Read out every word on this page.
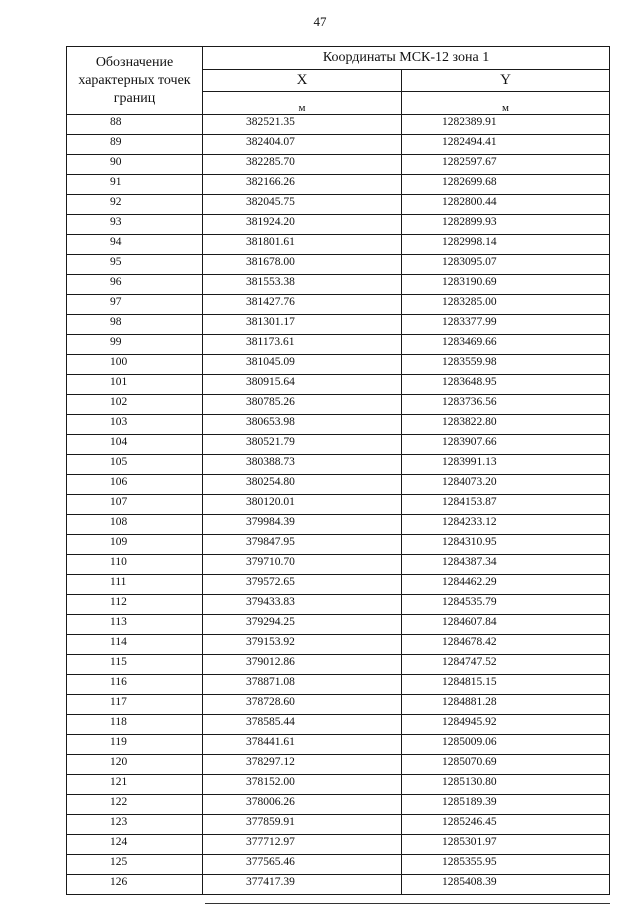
47
Обозначение характерных точек границ	Координаты МСК-12 зона 1	
	X	Y
	м	м
88	382521.35	1282389.91
89	382404.07	1282494.41
90	382285.70	1282597.67
91	382166.26	1282699.68
92	382045.75	1282800.44
93	381924.20	1282899.93
94	381801.61	1282998.14
95	381678.00	1283095.07
96	381553.38	1283190.69
97	381427.76	1283285.00
98	381301.17	1283377.99
99	381173.61	1283469.66
100	381045.09	1283559.98
101	380915.64	1283648.95
102	380785.26	1283736.56
103	380653.98	1283822.80
104	380521.79	1283907.66
105	380388.73	1283991.13
106	380254.80	1284073.20
107	380120.01	1284153.87
108	379984.39	1284233.12
109	379847.95	1284310.95
110	379710.70	1284387.34
111	379572.65	1284462.29
112	379433.83	1284535.79
113	379294.25	1284607.84
114	379153.92	1284678.42
115	379012.86	1284747.52
116	378871.08	1284815.15
117	378728.60	1284881.28
118	378585.44	1284945.92
119	378441.61	1285009.06
120	378297.12	1285070.69
121	378152.00	1285130.80
122	378006.26	1285189.39
123	377859.91	1285246.45
124	377712.97	1285301.97
125	377565.46	1285355.95
126	377417.39	1285408.39
